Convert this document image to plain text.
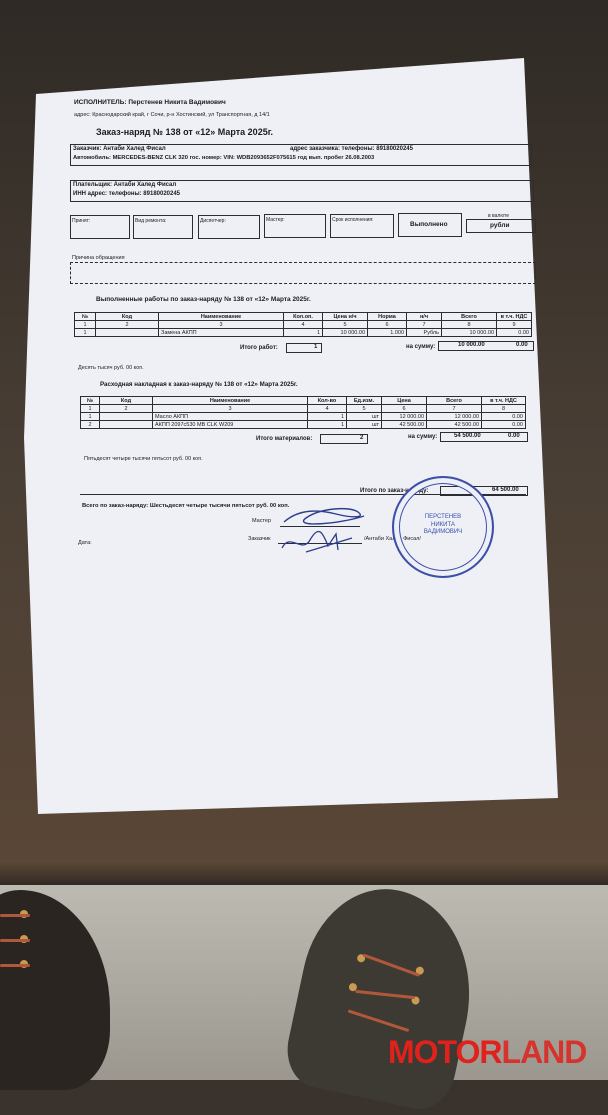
ИСПОЛНИТЕЛЬ: Перстенев Никита Вадимович
адрес: Краснодарский край, г Сочи, р-н Хостинский, ул Транспортная, д 14/1
Заказ-наряд № 138 от «12» Марта 2025г.
Заказчик: Антаби Халед Фисал	адрес заказчика: телефоны: 89180020245
Автомобиль: MERCEDES-BENZ CLK 320 гос. номер: VIN: WDB2093652F075615 год вып. пробег 26.08.2003
Плательщик: Антаби Халед Фисал
ИНН адрес: телефоны: 89180020245
Принят:	Вид ремонта:	Диспетчер:	Мастер:	Срок исполнения:
Выполнено
в валюте
рубли
Причина обращения
Выполненные работы по заказ-наряду № 138 от «12» Марта 2025г.
№	Код	Наименование	Кол.оп.	Цена н/ч	Норма	н/ч	Всего	в т.ч. НДС
1	2	3	4	5	6	7	8	9
1		Замена АКПП	1	10 000.00	1.000	Рубль	10 000.00	0.00
Итого работ:	1	на сумму:	10 000.00	0.00
Десять тысяч руб. 00 коп.
Расходная накладная к заказ-наряду № 138 от «12» Марта 2025г.
№	Код	Наименование	Кол-во	Ед.изм.	Цена	Всего	в т.ч. НДС
1	2	3	4	5	6	7	8
1		Масло АКПП	1	шт	12 000.00	12 000.00	0.00
2		АКПП 2097с530 MB CLK W209	1	шт	42 500.00	42 500.00	0.00
Итого материалов:	2	на сумму:	54 500.00	0.00
Пятьдесят четыре тысячи пятьсот руб. 00 коп.
Итого по заказ-наряду:	64 500.00
Всего по заказ-наряду: Шестьдесят четыре тысячи пятьсот руб. 00 коп.
Мастер
Заказчик	/Антаби Халед Фисал/
Дата:
ПЕРСТЕНЕВ
НИКИТА
ВАДИМОВИЧ
MOTORLAND
